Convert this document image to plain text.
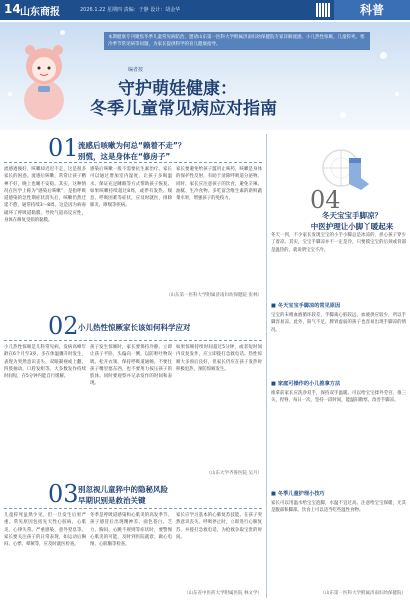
14 山东商报	2026.1.22 星期四 责编：于静 设计：胡金华	科普
本期健康专刊聚焦冬季儿童常见病防治，邀请山东第一医科大学附属济南妇幼保健院专家详解流感、小儿热性惊厥、儿童猝死、寒冷季节常见病等问题，为家长提供科学的育儿健康指导。
编者按
守护萌娃健康：
冬季儿童常见病应对指南
01 流感后咳嗽为何总“赖着不走”？
别慌，这是身体在“修房子”
流感過後好，咳嗽却迟迟不走，这是很多家长的困惑。流感后咳嗽，常常让孩子精神不好，晚上也睡不安稳。其实，这种情况在医学上称为“感染后咳嗽”，是指呼吸道感染的急性期症状消失后，咳嗽仍然迁延不愈，通常持续3～8周。这是因为病毒破坏了呼吸道黏膜，导致气道高反应性，身体在修复受损的黏膜。
感染后咳嗽一般不需要抗生素治疗。家长可以通过增加室内湿度、让孩子多喝温水、保证充足睡眠等方式帮助孩子恢复。如果咳嗽持续超过8周，或伴有发热、喘息、呼吸困难等症状，应及时就医，排除肺炎、哮喘等疾病。
家长要避免给孩子滥用止咳药，咳嗽是身体的保护性反射，有助于清除呼吸道分泌物。同时，家长应注意孩子的饮食，避免辛辣、油腻、生冷食物。多吃富含维生素的新鲜蔬菜水果，增强孩子的免疫力。
（山东第一医科大学附属济南妇幼保健院 张林）
02 小儿热性惊厥家长该如何科学应对
小儿热性惊厥是儿科常见病。发病高峰年龄在6个月至3岁，多在体温骤升时发生，表现为突然意识丧失、双眼凝视或上翻、四肢抽动、口唇发绀等。大多数发作持续时间短，在5分钟内能自行缓解。
孩子发生惊厥时，家长要保持冷静。立即让孩子平卧，头偏向一侧，以防呕吐物误吸。松开衣领，保持呼吸道通畅。不要往孩子嘴里塞东西，也不要用力按压孩子的肢体。同时要观察并记录发作的时间和表现。
如果惊厥持续时间超过5分钟，或者短时间内反复发作，应立即拨打急救电话。热性惊厥大多预后良好，但家长仍应在孩子发热时积极退热，预防惊厥发生。
（山东大学齐鲁医院 吴月）
03 别忽视儿童猝中的隐秘风险
早期识别是救治关键
儿童猝死虽然少见，但一旦发生后果严重。常见原因包括先天性心脏病、心肌炎、心律失常、严重感染、意外窒息等。家长要关注孩子的日常表现，如运动后胸闷、心悸、晕厥等，应及时就医检查。
冬季是呼吸道感染和心肌炎的高发季节。孩子感冒后出现精神差、面色苍白、乏力、胸闷、心跳不规则等症状时，要警惕心肌炎的可能，及时到医院就诊，做心电图、心肌酶等检查。
家长应学习基本的心肺复苏技能。在孩子突然意识丧失、呼吸停止时，立即进行心肺复苏，并拨打急救电话，为抢救争取宝贵的时间。
（山东省中医药大学附属医院 林文学）
04
冬天宝宝手脚凉？
中医护理让小脚丫暖起来
冬天一到，不少家长发现宝宝的小手小脚总是冰凉的，担心孩子穿少了着凉。其实，宝宝手脚凉并不一定是冷，只要摸宝宝的后颈或背部是温热的，就说明宝宝不冷。
■ 冬天宝宝手脚凉的常见原因
宝宝的末梢血液循环较差，手脚离心脏较远，血液供应较少，所以手脚容易凉。此外，阳气不足、脾胃虚弱的孩子也容易出现手脚凉的情况。
■ 家庭可操作的小儿推拿方法
推拿前家长应洗净双手，保持双手温暖。可以给宝宝揉外劳宫、推三关、捏脊，每日一次，坚持一段时间，能温阳散寒，改善手脚凉。
■ 冬季儿童护理小技巧
家长可以用温水给宝宝泡脚，水温不宜过高。注意给宝宝保暖，尤其是腹部和脚部。饮食上可以适当吃些温性食物。
（山东第一医科大学附属济南妇幼保健院）
